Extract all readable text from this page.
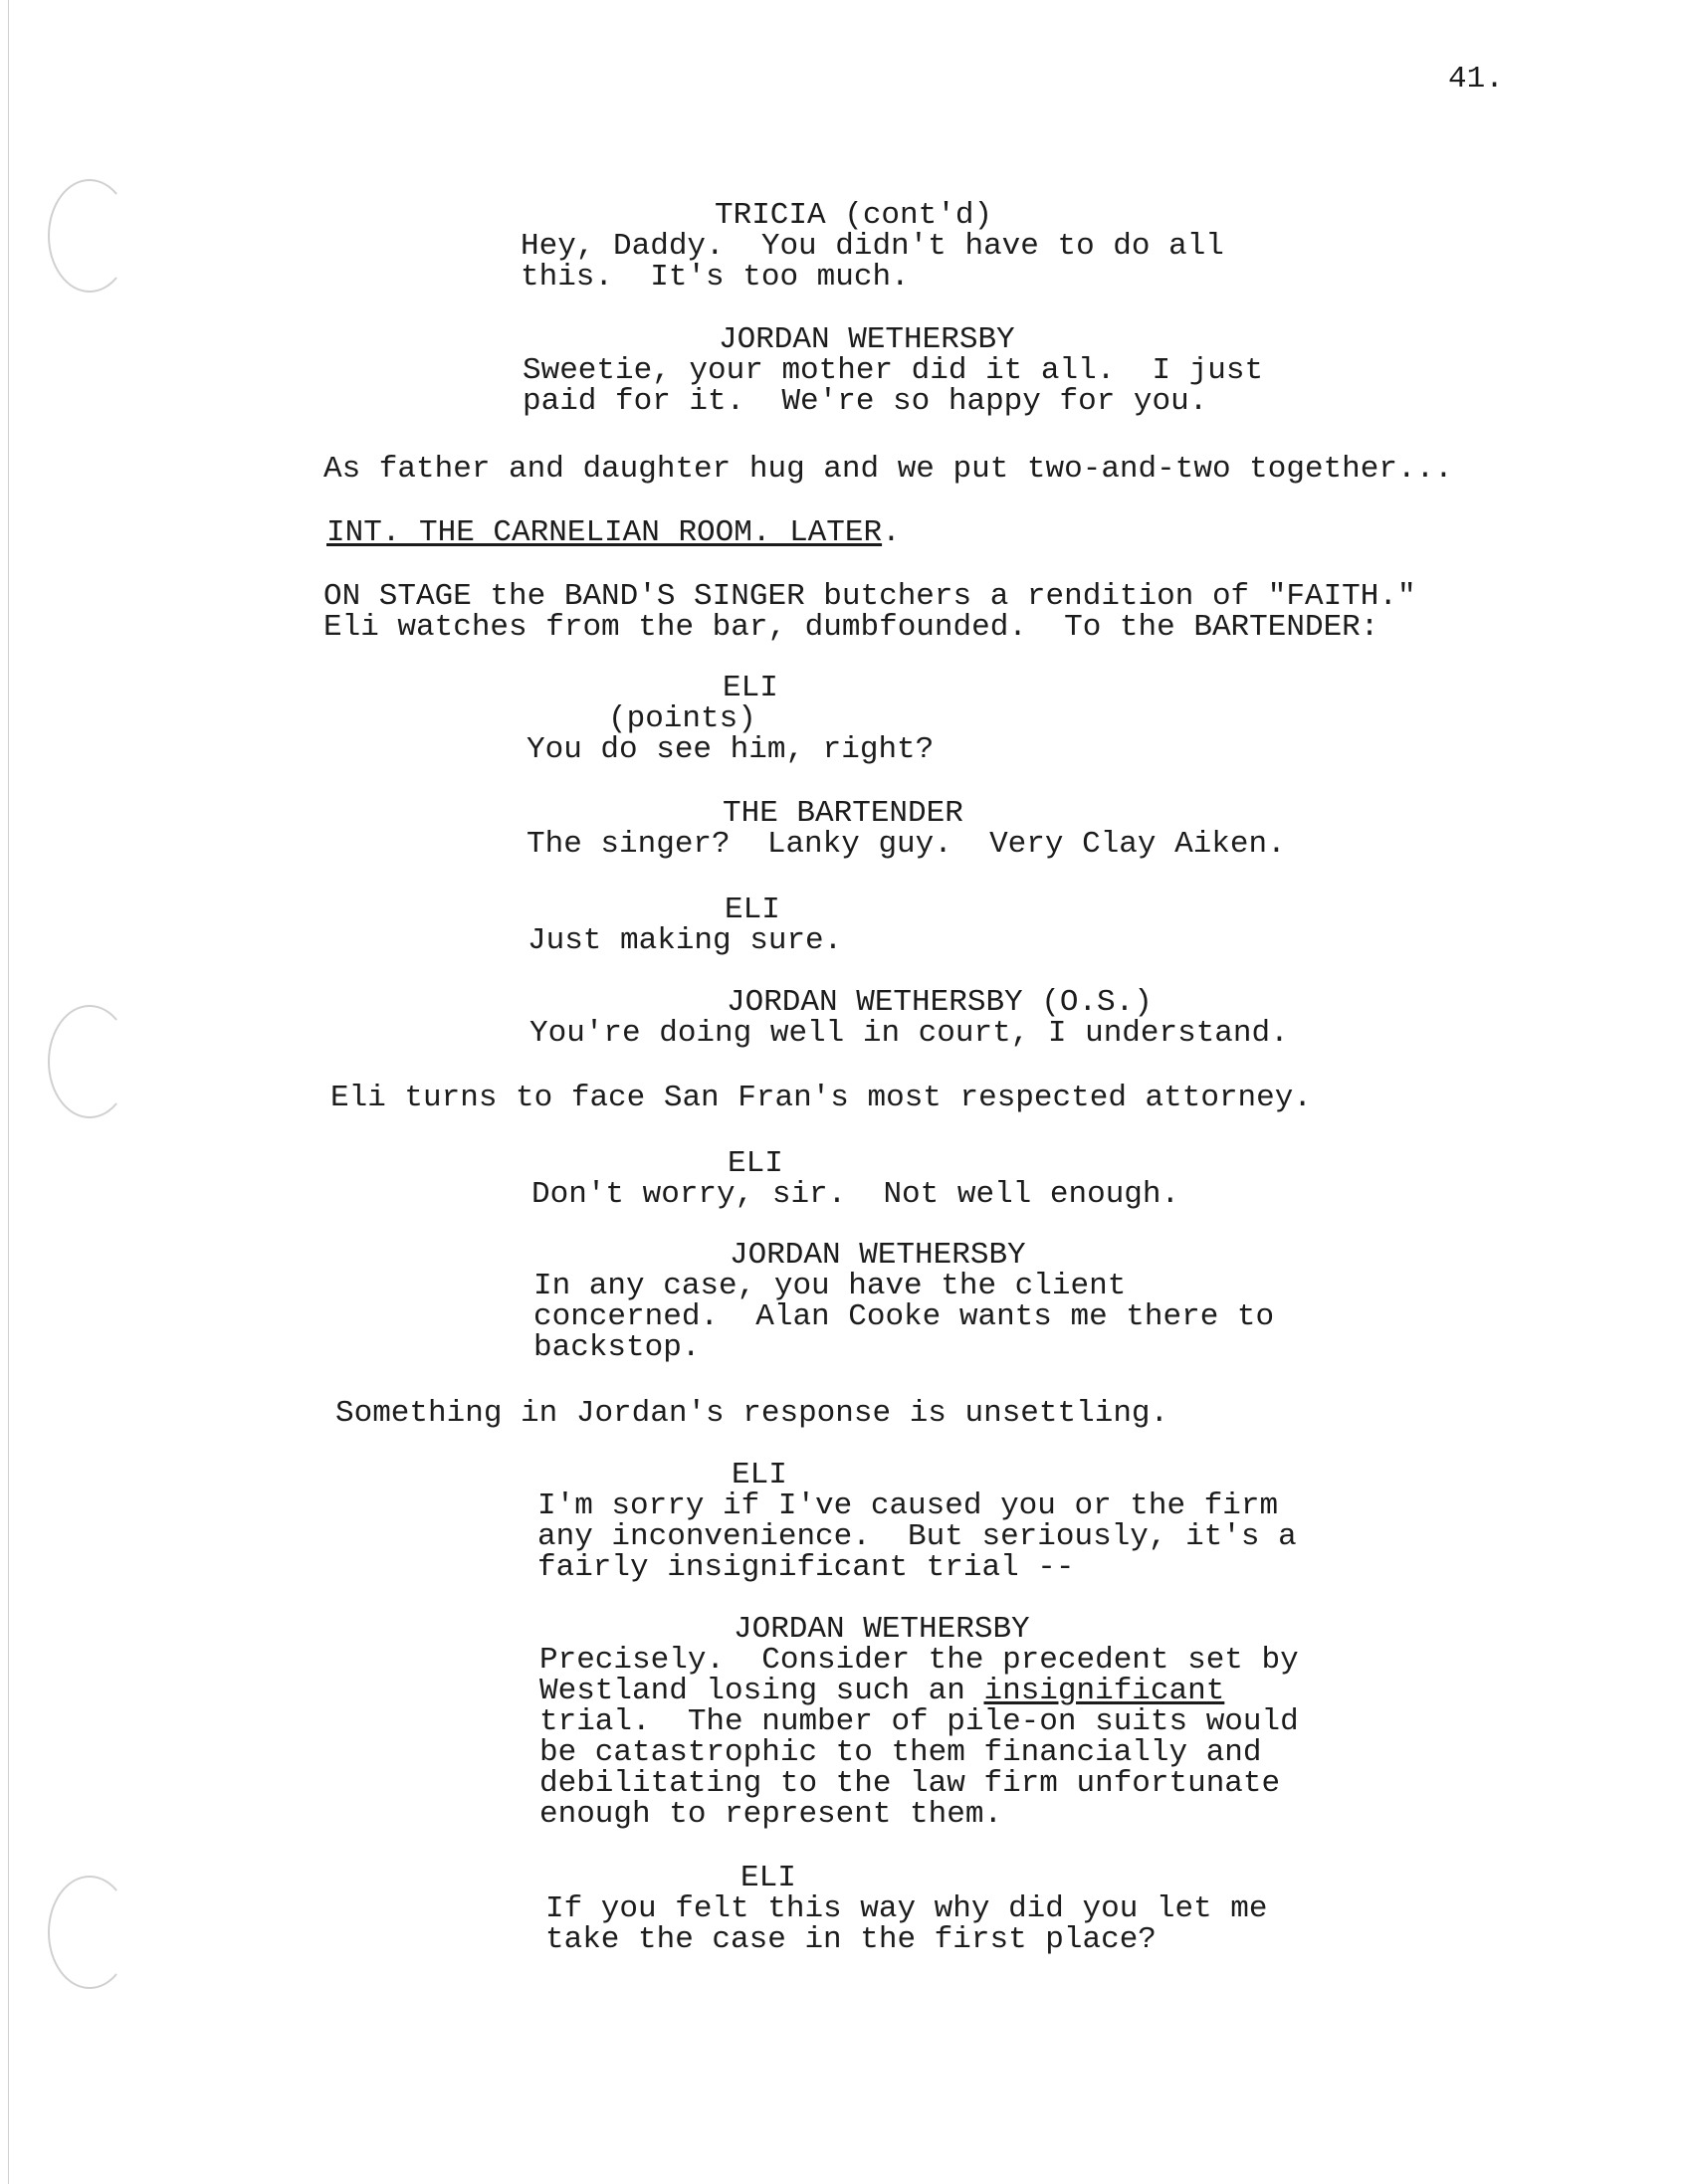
41.
TRICIA (cont'd)
Hey, Daddy.  You didn't have to do all
this.  It's too much.
JORDAN WETHERSBY
Sweetie, your mother did it all.  I just
paid for it.  We're so happy for you.
As father and daughter hug and we put two-and-two together...
INT. THE CARNELIAN ROOM. LATER.
ON STAGE the BAND'S SINGER butchers a rendition of "FAITH."
Eli watches from the bar, dumbfounded.  To the BARTENDER:
ELI
(points)
You do see him, right?
THE BARTENDER
The singer?  Lanky guy.  Very Clay Aiken.
ELI
Just making sure.
JORDAN WETHERSBY (O.S.)
You're doing well in court, I understand.
Eli turns to face San Fran's most respected attorney.
ELI
Don't worry, sir.  Not well enough.
JORDAN WETHERSBY
In any case, you have the client
concerned.  Alan Cooke wants me there to
backstop.
Something in Jordan's response is unsettling.
ELI
I'm sorry if I've caused you or the firm
any inconvenience.  But seriously, it's a
fairly insignificant trial --
JORDAN WETHERSBY
Precisely.  Consider the precedent set by
Westland losing such an insignificant
trial.  The number of pile-on suits would
be catastrophic to them financially and
debilitating to the law firm unfortunate
enough to represent them.
ELI
If you felt this way why did you let me
take the case in the first place?
